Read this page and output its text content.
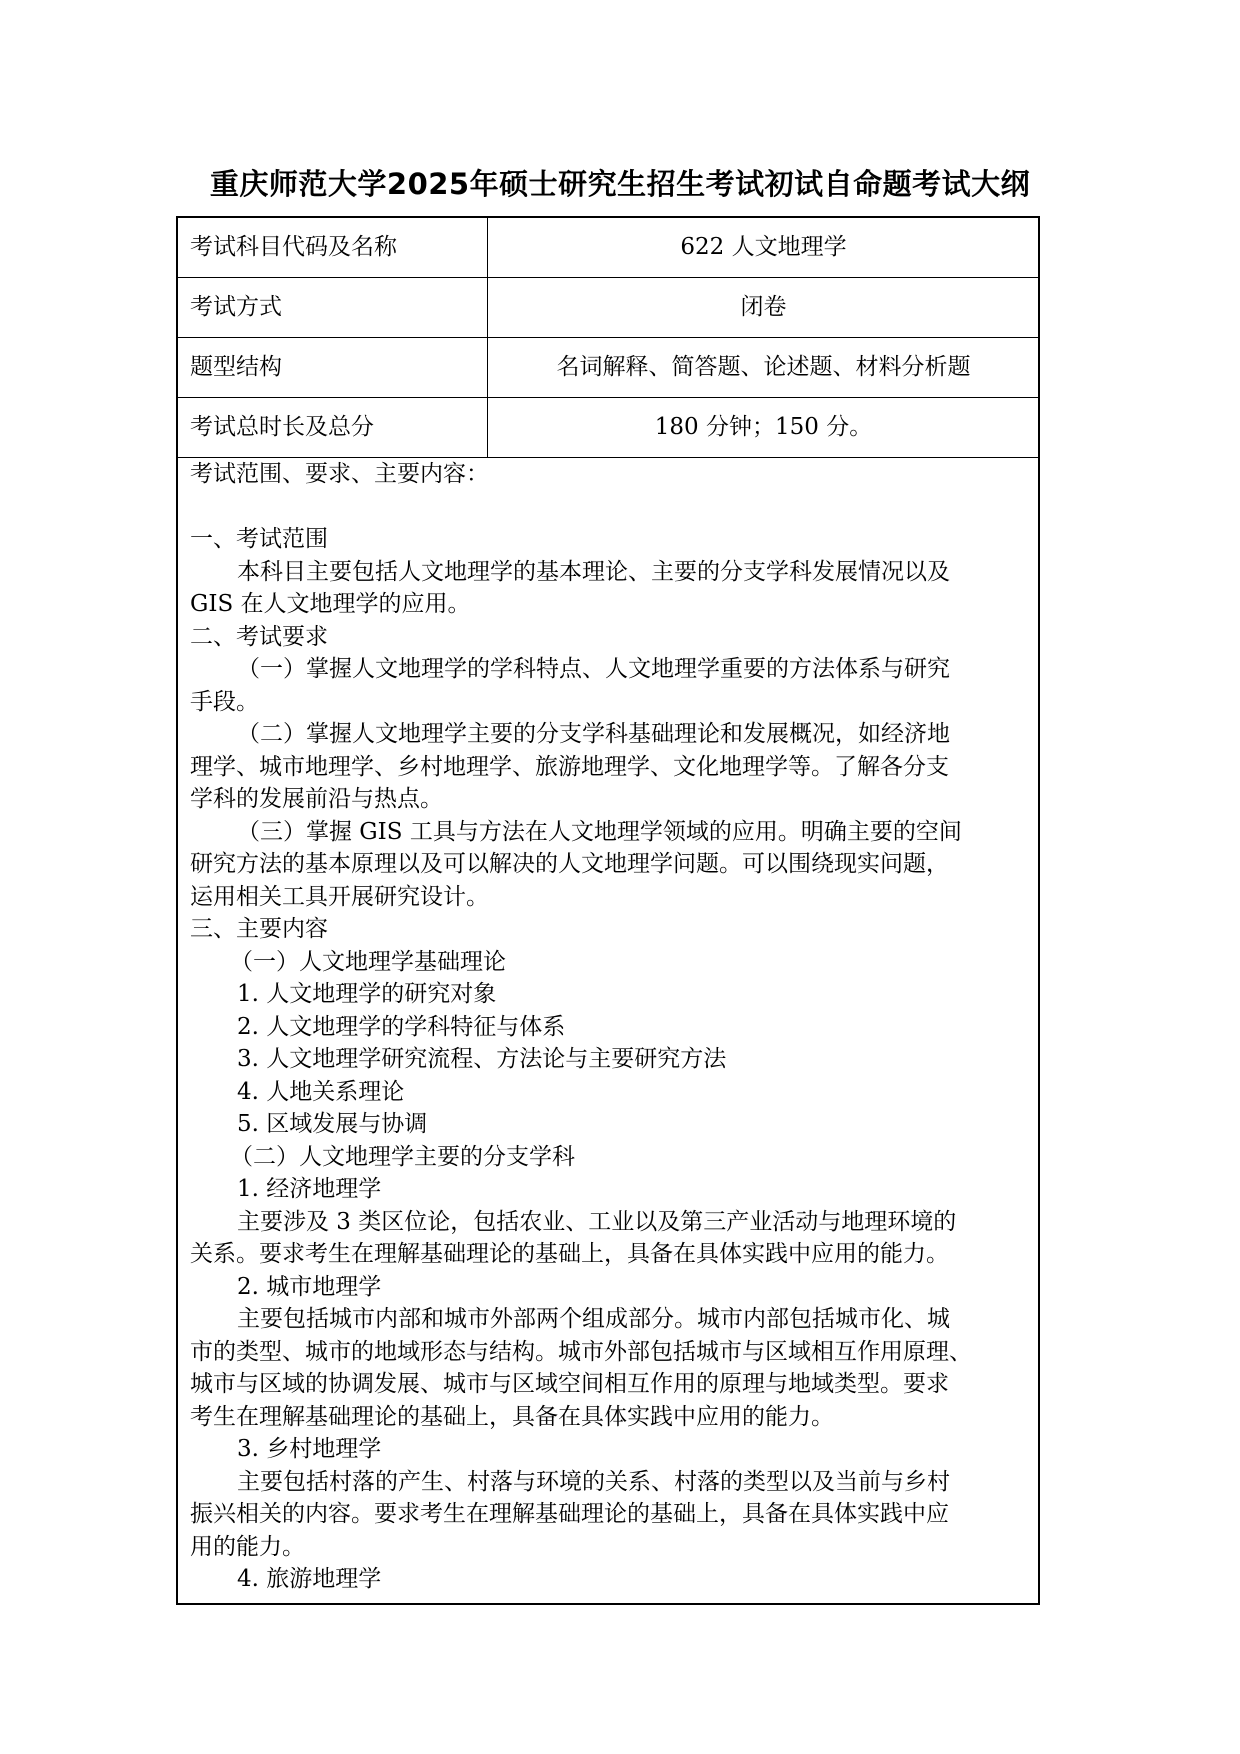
重庆师范大学2025年硕士研究生招生考试初试自命题考试大纲
考试科目代码及名称	622 人文地理学
考试方式	闭卷
题型结构	名词解释、简答题、论述题、材料分析题
考试总时长及总分	180 分钟；150 分。

考试范围、要求、主要内容：

一、考试范围

本科目主要包括人文地理学的基本理论、主要的分支学科发展情况以及

GIS 在人文地理学的应用。

二、考试要求

（一）掌握人文地理学的学科特点、人文地理学重要的方法体系与研究

手段。

（二）掌握人文地理学主要的分支学科基础理论和发展概况，如经济地

理学、城市地理学、乡村地理学、旅游地理学、文化地理学等。了解各分支

学科的发展前沿与热点。

（三）掌握 GIS 工具与方法在人文地理学领域的应用。明确主要的空间

研究方法的基本原理以及可以解决的人文地理学问题。可以围绕现实问题，

运用相关工具开展研究设计。

三、主要内容

（一）人文地理学基础理论

1. 人文地理学的研究对象

2. 人文地理学的学科特征与体系

3. 人文地理学研究流程、方法论与主要研究方法

4. 人地关系理论

5. 区域发展与协调

（二）人文地理学主要的分支学科

1. 经济地理学

主要涉及 3 类区位论，包括农业、工业以及第三产业活动与地理环境的

关系。要求考生在理解基础理论的基础上，具备在具体实践中应用的能力。

2. 城市地理学

主要包括城市内部和城市外部两个组成部分。城市内部包括城市化、城

市的类型、城市的地域形态与结构。城市外部包括城市与区域相互作用原理、

城市与区域的协调发展、城市与区域空间相互作用的原理与地域类型。要求

考生在理解基础理论的基础上，具备在具体实践中应用的能力。

3. 乡村地理学

主要包括村落的产生、村落与环境的关系、村落的类型以及当前与乡村

振兴相关的内容。要求考生在理解基础理论的基础上，具备在具体实践中应

用的能力。

4. 旅游地理学
